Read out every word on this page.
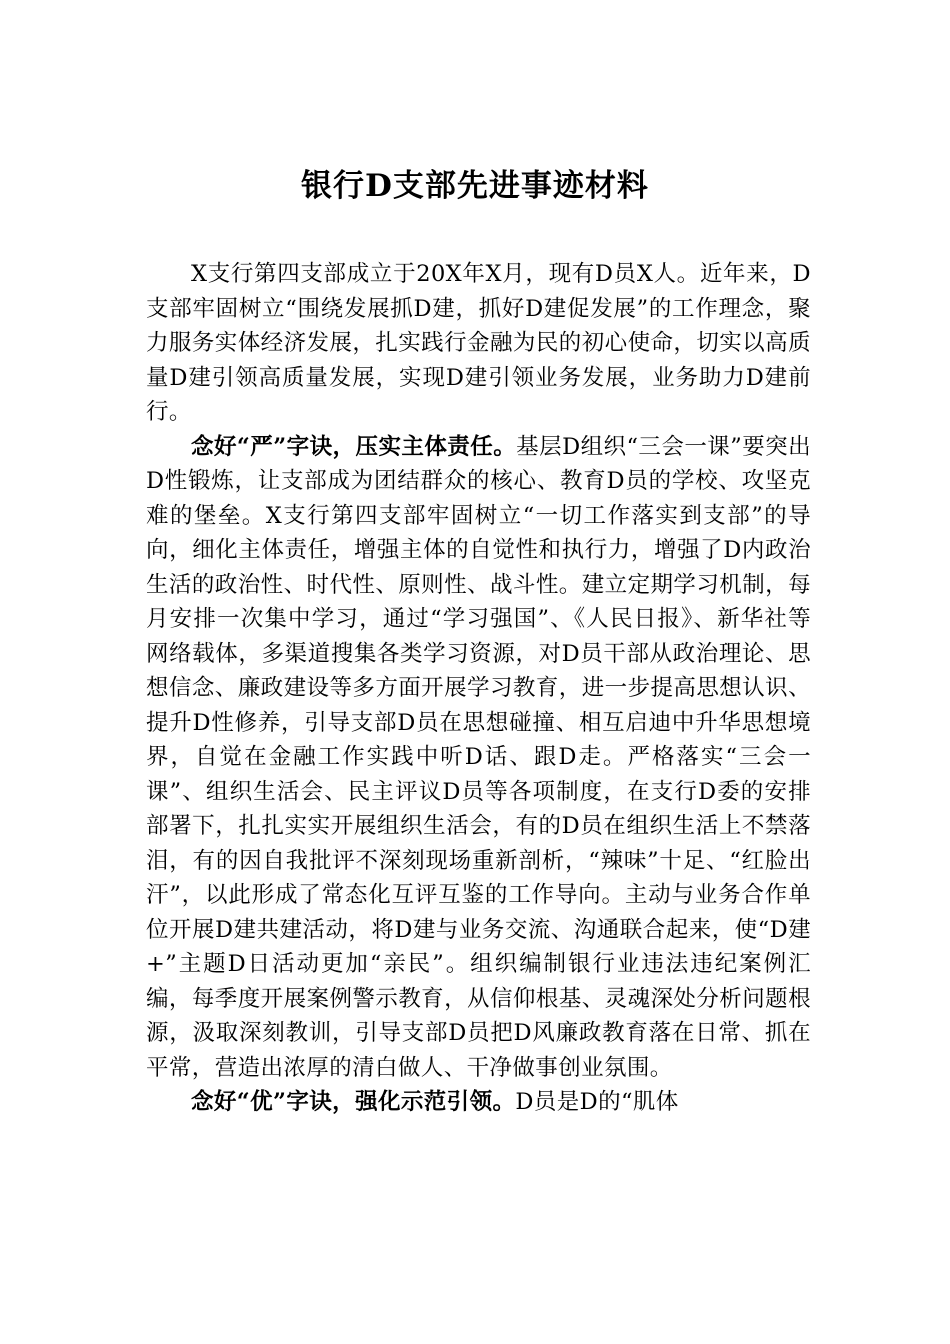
银行D支部先进事迹材料

X支行第四支部成立于20X年X月，现有D员X人。近年来，D支部牢固树立“围绕发展抓D建，抓好D建促发展”的工作理念，聚力服务实体经济发展，扎实践行金融为民的初心使命，切实以高质量D建引领高质量发展，实现D建引领业务发展，业务助力D建前行。

念好“严”字诀，压实主体责任。基层D组织“三会一课”要突出D性锻炼，让支部成为团结群众的核心、教育D员的学校、攻坚克难的堡垒。X支行第四支部牢固树立“一切工作落实到支部”的导向，细化主体责任，增强主体的自觉性和执行力，增强了D内政治生活的政治性、时代性、原则性、战斗性。建立定期学习机制，每月安排一次集中学习，通过“学习强国”、《人民日报》、新华社等网络载体，多渠道搜集各类学习资源，对D员干部从政治理论、思想信念、廉政建设等多方面开展学习教育，进一步提高思想认识、提升D性修养，引导支部D员在思想碰撞、相互启迪中升华思想境界，自觉在金融工作实践中听D话、跟D走。严格落实“三会一课”、组织生活会、民主评议D员等各项制度，在支行D委的安排部署下，扎扎实实开展组织生活会，有的D员在组织生活上不禁落泪，有的因自我批评不深刻现场重新剖析，“辣味”十足、“红脸出汗”，以此形成了常态化互评互鉴的工作导向。主动与业务合作单位开展D建共建活动，将D建与业务交流、沟通联合起来，使“D建+”主题D日活动更加“亲民”。组织编制银行业违法违纪案例汇编，每季度开展案例警示教育，从信仰根基、灵魂深处分析问题根源，汲取深刻教训，引导支部D员把D风廉政教育落在日常、抓在平常，营造出浓厚的清白做人、干净做事创业氛围。

念好“优”字诀，强化示范引领。D员是D的“肌体
